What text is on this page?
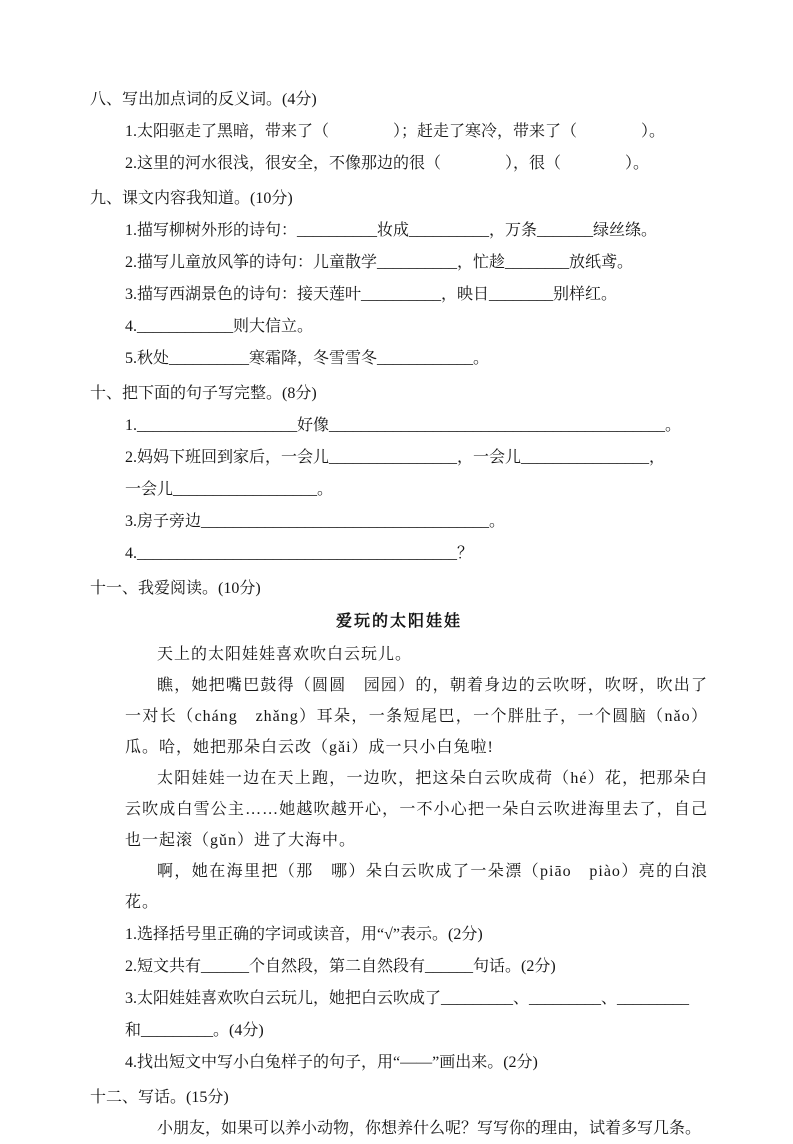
八、写出加点词的反义词。(4分)

1.太阳驱走了黑暗，带来了（　　　　）；赶走了寒冷，带来了（　　　　）。

2.这里的河水很浅，很安全，不像那边的很（　　　　），很（　　　　）。

九、课文内容我知道。(10分)

1.描写柳树外形的诗句：__________妆成__________，万条_______绿丝绦。

2.描写儿童放风筝的诗句：儿童散学__________，忙趁________放纸鸢。

3.描写西湖景色的诗句：接天莲叶__________，映日________别样红。

4.____________则大信立。

5.秋处__________寒霜降，冬雪雪冬____________。

十、把下面的句子写完整。(8分)

1.____________________好像__________________________________________。

2.妈妈下班回到家后，一会儿________________，一会儿________________，

一会儿__________________。

3.房子旁边____________________________________。

4.________________________________________？

十一、我爱阅读。(10分)

爱玩的太阳娃娃

天上的太阳娃娃喜欢吹白云玩儿。

瞧，她把嘴巴鼓得（圆圆　园园）的，朝着身边的云吹呀，吹呀，吹出了一对长（cháng　zhǎng）耳朵，一条短尾巴，一个胖肚子，一个圆脑（nǎo）瓜。哈，她把那朵白云改（gǎi）成一只小白兔啦!

太阳娃娃一边在天上跑，一边吹，把这朵白云吹成荷（hé）花，把那朵白云吹成白雪公主……她越吹越开心，一不小心把一朵白云吹进海里去了，自己也一起滚（gǔn）进了大海中。

啊，她在海里把（那　哪）朵白云吹成了一朵漂（piāo　piào）亮的白浪花。

1.选择括号里正确的字词或读音，用“√”表示。(2分)

2.短文共有______个自然段，第二自然段有______句话。(2分)

3.太阳娃娃喜欢吹白云玩儿，她把白云吹成了_________、_________、_________

和_________。(4分)

4.找出短文中写小白兔样子的句子，用“——”画出来。(2分)

十二、写话。(15分)

小朋友，如果可以养小动物，你想养什么呢？写写你的理由，试着多写几条。
